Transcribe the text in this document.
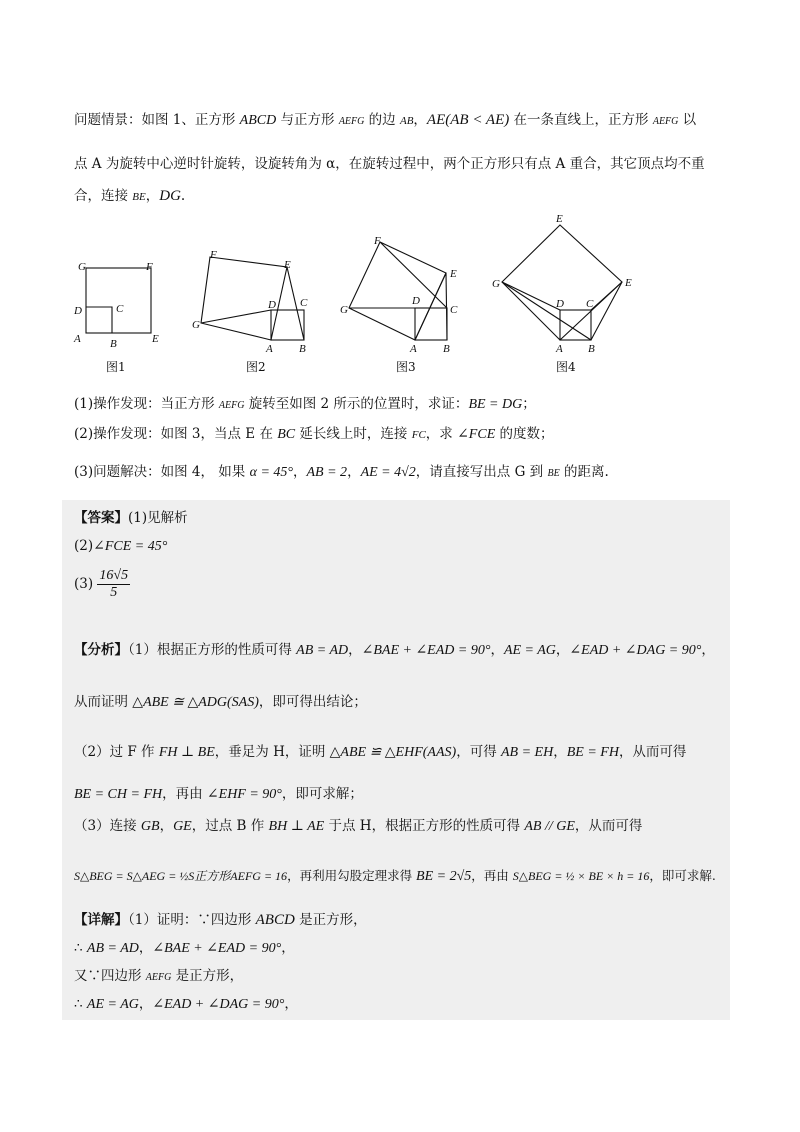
问题情景：如图 1、正方形 ABCD 与正方形 AEFG 的边 AB，AE(AB < AE) 在一条直线上，正方形 AEFG 以
点 A 为旋转中心逆时针旋转，设旋转角为 α，在旋转过程中，两个正方形只有点 A 重合，其它顶点均不重
合，连接 BE，DG.
G	F
D	C
A	B	E
F
E
G
D C
A B
F
E
G
D
C
A B
E
E
G
D C
A B
图1	图2	图3	图4
(1)操作发现：当正方形 AEFG 旋转至如图 2 所示的位置时，求证：BE = DG；
(2)操作发现：如图 3，当点 E 在 BC 延长线上时，连接 FC，求 ∠FCE 的度数；
(3)问题解决：如图 4， 如果 α = 45°，AB = 2，AE = 4√2，请直接写出点 G 到 BE 的距离.
【答案】(1)见解析
(2)∠FCE = 45°
$(3) \frac{16√5}{5}$
【分析】（1）根据正方形的性质可得 AB = AD，∠BAE + ∠EAD = 90°，AE = AG，∠EAD + ∠DAG = 90°，
从而证明 △ABE ≅ △ADG(SAS)，即可得出结论；
（2）过 F 作 FH ⊥ BE，垂足为 H，证明 △ABE ≌ △EHF(AAS)，可得 AB = EH，BE = FH，从而可得
BE = CH = FH，再由 ∠EHF = 90°，即可求解；
（3）连接 GB，GE，过点 B 作 BH ⊥ AE 于点 H，根据正方形的性质可得 AB // GE，从而可得
S△BEG = S△AEG = ½S正方形AEFG = 16，再利用勾股定理求得 BE = 2√5，再由 S△BEG = ½ × BE × h = 16，即可求解.
【详解】（1）证明：∵四边形 ABCD 是正方形，
∴ AB = AD，∠BAE + ∠EAD = 90°，
又∵四边形 AEFG 是正方形，
∴ AE = AG，∠EAD + ∠DAG = 90°，
